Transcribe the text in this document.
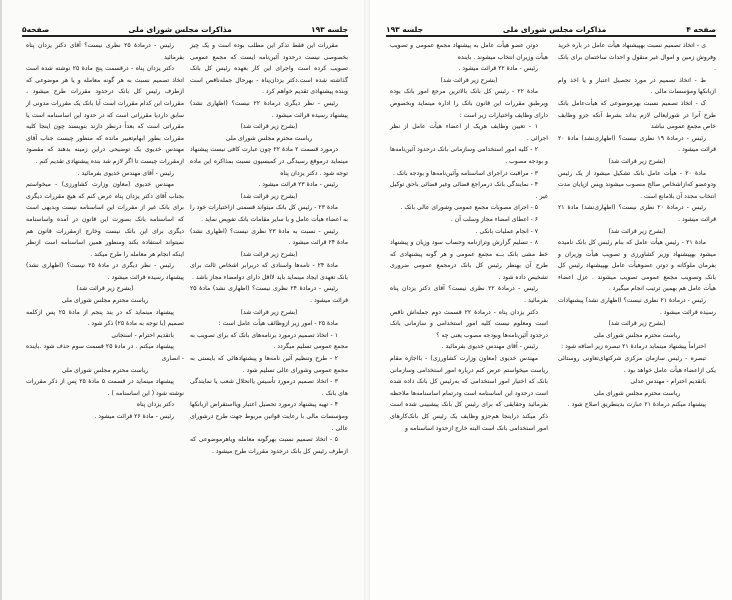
جلسه ۱۹۳
مذاکرات مجلس شورای ملی
صفحه۵
مقررات این فقط تذکر این مطلب بوده است و یک چیز بخصوصی نیست درحدود آئین‌نامه ایست که مجمع عمومی تصویب کرده است واجرای این کار بعهده رئیس کل بانک گذاشته شده است.دکتر یزدان‌پناه - بهرحال جمله‌ناقص است وبنده پیشنهادی تقدیم خواهم کرد .
رئیس - نظر دیگری درمادۀ ۲۲ نیست؟ (اظهاری نشد) پیشنهاد رسیده قرائت میشود .
(بشرح زیر قرائت شد)
ریاست محترم مجلس شورای ملی
درمورد قسمت ۲ مادۀ ۲۲ چون عبارت کافی نیست پیشنهاد مینماید درموقع رسیدگی در کمیسیون نسبت بمذاکره این ماده توجه شود . دکتر یزدان پناه
رئیس - مادۀ ۲۳ قرائت میشود .
(بشرح زیر قرائت شد)
مادۀ ۲۳ - رئیس کل بانک میتواند قسمتی ازاختیارات خود را به اعضاء هیأت عامل و یا سایر مقامات بانک تفویض نماید .
رئیس - نسبت به مادۀ ۲۳ نظری نیست؟ (اظهاری نشد) مادۀ ۲۴ قرائت میشود .
(بشرح زیر قرائت شد)
مادۀ ۲۴ - نامه‌ها واسنادی که دربرابر اشخاص ثالث برای بانک تعهدی ایجاد مینماید باید لااقل دارای دوامضاء مجاز باشد .
رئیس - درمادۀ ۲۴ نظری نیست؟ (اظهاری نشد) مادۀ ۲۵ قرائت میشود .
(بشرح زیر قرائت شد)
مادۀ ۲۵ - امور زیر ازوظائف هیأت عامل است :
۱ - اتخاذ تصمیم درمورد برنامه‌های بانک که برای تصویب به مجمع عمومی تسلیم میگردد .
۲ - طرح وتنظیم آئین نامه‌ها و پیشنهادهائی که بایستی به مجمع عمومی وشورای عالی تسلیم شود .
۳ - اتخاذ تصمیم درمورد تأسیس یاانحلال شعب یا نمایندگی های بانک .
۴ - تهیه پیشنهاد درمورد تحصیل اعتبار ویااستقراض ازبانکها ومؤسسات مالی با رعایت قوانین مربوط جهت طرح درشورای عالی .
۵ - اتخاذ تصمیم نسبت بهرگونه معامله ویاهرموضوعی که ازطرف رئیس کل بانک درحدود مقررات طرح میشود .
رئیس - درمادۀ ۲۵ نظری نیست؟ آقای دکتر یزدان پناه بفرمائید
دکتر یزدان پناه - درقسمت پنج مادۀ ۲۵ نوشته شده است اتخاذ تصمیم نسبت به هر گونه معامله و یا هر موضوعی که ازطرف رئیس کل بانک درحدود مقررات طرح میشود ، مقررات این کدام مقررات است آیا بانک یک مقررات مدونی از سابق داردیا مقرراتی است که در حدود این اساسنامه است یا مقرراتی است که بعداً درنظر دارند بنویسند چون اینجا کلیه مقررات بطور ابهام‌تعبیر مانده که منظور چیست جناب آقای مهندس خدیوی یک توضیحی دراین زمینه بدهند که مقصود ازمقررات چیست تا اگر لازم شد بنده پیشنهادی تقدیم کنم .
رئیس - آقای مهندس خدیوی بفرمائید .
مهندس خدیوی (معاون وزارت کشاورزی) - میخواستم بجناب آقای دکتر یزدان پناه عرض کنم که هیچ مقررات دیگری برای بانک غیر از مقررات این اساسنامه نیست وبدیهی است که اساسنامه بانک بصورت این قانون در آمده واساسنامه دیگری برای این بانک نیست وخارج ازمقررات قانون هم نمیتواند استفاده بکند ومنظور همین اساسنامه است ازنظر اینکه انجام هر معامله را طرح میکند .
رئیس - نظر دیگری در مادۀ ۲۵ نیست؟ (اظهاری نشد) پیشنهاد رسیده قرائت میشود .
(بشرح زیر قرائت شد)
ریاست محترم مجلس شورای ملی
پیشنهاد مینماید که در بند پنجم از مادۀ ۲۵ پس ازکلمه تصمیم (با توجه به مادۀ ۲۵) ذکر شود .
باتقدیم احترام - اسنجانی
پیشنهاد میکنم . در مادۀ ۲۵ قسمت سوم حذف شود .باینده - انصاری
ریاست محترم مجلس شورای ملی
پیشنهاد مینماید در قسمت ۵ مادۀ ۲۵ پس از ذکر مقررات نوشته شود ( این اساسنامه ) .
دکتر یزدان پناه
رئیس - مادۀ ۲۶ قرائت میشود .
صفحه ۴
مذاکرات مجلس شورای ملی
جلسه ۱۹۳
ی - اتخاذ تصمیم نسبت بهپیشنهاد هیأت عامل در باره خرید وفروش زمین و اموال غیر منقول و احداث ساختمان برای بانک .
ط - اتخاذ تصمیم در مورد تحصیل اعتبار و یا اخذ وام ازبانکها ومؤسسات مالی .
ک - اتخاذ تصمیم نسبت بهرموضوعی که هیأت‌عامل بانک طرح آنرا در شورایعالی لازم بداند بشرط آنکه جزو وظایف خاص مجمع عمومی نباشد
رئیس - درمادۀ ۱۹ نظری نیست؟ (اظهاری‌نشد) مادۀ ۲۰ قرائت میشود .
(بشرح زیر قرائت شد)
مادۀ ۲۰ - هیأت عامل بانک تشکیل میشود از یک رئیس ودوعضو که‌ازاشخاص صالح منصوب میشوند وپس ازپایان مدت انتخاب مجدد آن بلامانع است .
رئیس - درمادۀ ۲۰ نظری نیست؟ (اظهاری‌نشد) مادۀ ۲۱ قرائت میشود .
(بشرح زیر قرائت شد)
مادۀ ۲۱ - رئیس هیأت عامل که بنام رئیس کل بانک نامیده میشود بهپیشنهاد وزیر کشاورزی و تصویب هیأت وزیران و بفرمان ملوکانه و دوتن عضوهیأت عامل بهپیشنهاد رئیس کل بانک وتصویب مجمع عمومی تصویب میشوند . عزل اعضاء هیأت عامل هم بهمین ترتیب انجام میگیرد .
رئیس - درمادۀ ۲۱ نظری نیست؟ (اظهاری نشد) پیشنهادات رسیده قرائت میشود .
(بشرح زیر قرائت شد)
ریاست محترم مجلس شورای ملی
احتراماً پیشنهاد مینماید درمادۀ ۲۱ تبصره زیر اضافه شود :
تبصره - رئیس سازمان مرکزی شرکتهای‌تعاونی روستائی یکی ازاعضاء هیأت عامل خواهد بود .
باتقدیم احترام - مهندس عدلی
ریاست محترم مجلس شورای ملی
پیشنهاد میکنم درمادۀ ۲۱ عبارت بدینطریق اصلاح شود .
دوتن عضو هیأت عامل به پیشنهاد مجمع عمومی و تصویب هیأت وزیران انتخاب میشوند . باینده
رئیس - مادۀ ۲۲ قرائت میشود .
(بشرح زیر قرائت شد)
مادۀ ۲۲ - رئیس کل بانک بالاترین مرجع امور بانک بوده وبرطبق مقررات این قانون بانک را اداره مینماید وبخصوص دارای وظایف واختیارات زیر است :
۱ - تعیین وظایف هریک از اعضاء هیأت عامل از نظر اجرائی .
۲ - کلیه امور استخدامی وسازمانی بانک درحدود آئین‌نامه‌ها و بودجه مصوب .
۳ - مراقبت دراجرای اساسنامه وآئین‌نامه‌ها و بودجه بانک .
۴ - نمایندگی بانک درمراجع قضائی وغیر قضائی باحق توکیل غیر .
۵ - اجرای مصوبات مجمع عمومی وشورای عالی بانک .
۶ - اعطای امضاء مجاز وسلب آن .
۷ - انجام عملیات بانکی .
۸ - تسلیم گزارش وترازنامه وحساب سود وزیان و پیشنهاد خط مشی بانک بــه مجمع عمومی و هر گونه پیشنهادی که طرح آن بهنظر رئیس کل بانک درمجمع عمومی ضروری تشخیص داده شود .
رئیس - درمادۀ ۲۲ نظری نیست؟ آقای دکتر یزدان پناه بفرمائید .
دکتر یزدان پناه - درمادۀ ۲۲ قسمت دوم جمله‌اش ناقص است ومعلوم نیست کلیه امور استخدامی و سازمانی بانک درحدود آئین‌نامه‌ها وبودجه مصوب یعنی چه ؟
رئیس - آقای مهندس خدیوی بفرمائید .
مهندس خدیوی (معاون وزارت کشاورزی) - بااجازه مقام ریاست میخواستم عرض کنم درباره امور استخدامی وسازمانی بانک که اختیار امور استخدامی که به‌رئیس کل بانک داده شده است درحدود این اساسنامه است ودرتمام اساسنامه‌ها ملاحظه بفرمائید وحقایقی که برای رئیس کل بانک پیشبینی شده است ذکر میکند دراینجا هم‌جزو وظایف یک رئیس کل بانک‌کارهای امور استخدامی بانک است البته خارج ازحدود اساسنامه و
